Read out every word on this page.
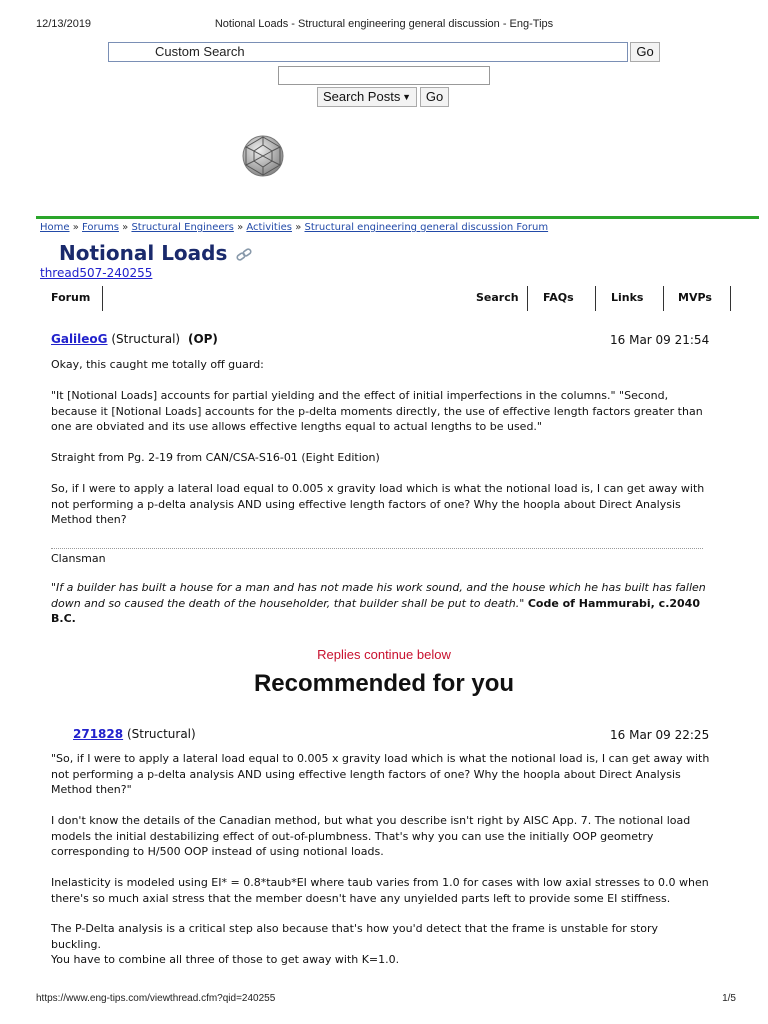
12/13/2019	Notional Loads - Structural engineering general discussion - Eng-Tips
Custom Search	Go
Search Posts ▼	Go
Home » Forums » Structural Engineers » Activities » Structural engineering general discussion Forum
Notional Loads
thread507-240255
Forum	Search FAQs	Links	MVPs
GalileoG (Structural) (OP)	16 Mar 09 21:54
Okay, this caught me totally off guard:
"It [Notional Loads] accounts for partial yielding and the effect of initial imperfections in the columns." "Second, because it [Notional Loads] accounts for the p-delta moments directly, the use of effective length factors greater than one are obviated and its use allows effective lengths equal to actual lengths to be used."
Straight from Pg. 2-19 from CAN/CSA-S16-01 (Eight Edition)
So, if I were to apply a lateral load equal to 0.005 x gravity load which is what the notional load is, I can get away with not performing a p-delta analysis AND using effective length factors of one? Why the hoopla about Direct Analysis Method then?
Clansman
"If a builder has built a house for a man and has not made his work sound, and the house which he has built has fallen down and so caused the death of the householder, that builder shall be put to death." Code of Hammurabi, c.2040 B.C.
Replies continue below
Recommended for you
271828 (Structural)	16 Mar 09 22:25
"So, if I were to apply a lateral load equal to 0.005 x gravity load which is what the notional load is, I can get away with not performing a p-delta analysis AND using effective length factors of one? Why the hoopla about Direct Analysis Method then?"
I don't know the details of the Canadian method, but what you describe isn't right by AISC App. 7. The notional load models the initial destabilizing effect of out-of-plumbness. That's why you can use the initially OOP geometry corresponding to H/500 OOP instead of using notional loads.
Inelasticity is modeled using EI* = 0.8*taub*EI where taub varies from 1.0 for cases with low axial stresses to 0.0 when there's so much axial stress that the member doesn't have any unyielded parts left to provide some EI stiffness.
The P-Delta analysis is a critical step also because that's how you'd detect that the frame is unstable for story buckling.
You have to combine all three of those to get away with K=1.0.
https://www.eng-tips.com/viewthread.cfm?qid=240255	1/5
